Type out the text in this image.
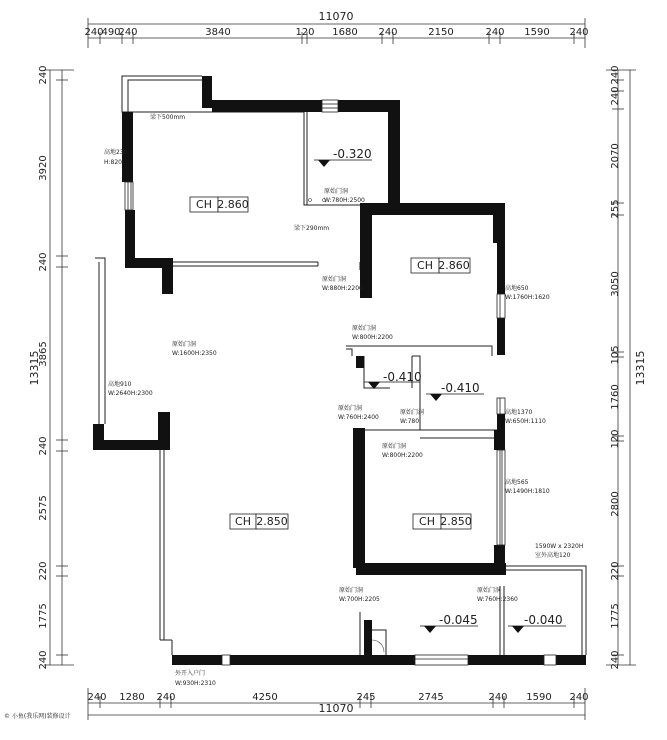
11070
240
490
240	3840	120 1680 240	2150	240 1590 240
240 1280 240	4250	245	2745	240 1590 240
11070
240
3920
240
3865
240
2575
220
1775
240
13315
240
240
2070
255
3050
105
1760
120
2800
220
1775
240
13315
CH 2.860
CH 2.860
CH 2.850	CH 2.850
-0.320
-0.410
-0.410
-0.045	-0.040
梁下500mm
梁下290mm
高地230
H:820
原始门洞
W:780H:2500
原始门洞
W:880H:2200	高地650
W:1760H:1620
原始门洞
W:800H:2200
原始门洞
W:1600H:2350
高地910
W:2640H:2300
原始门洞
W:760H:2400
原始门洞
W:780
高地1370
W:650H:1110
原始门洞
W:800H:2200
高地565
W:1490H:1810
1590W x 2320H
室外高地120
原始门洞
W:700H:2205
原始门洞
W:760H:2360
外开入户门
W:930H:2310
© 小鱼(我乐网)装修设计
